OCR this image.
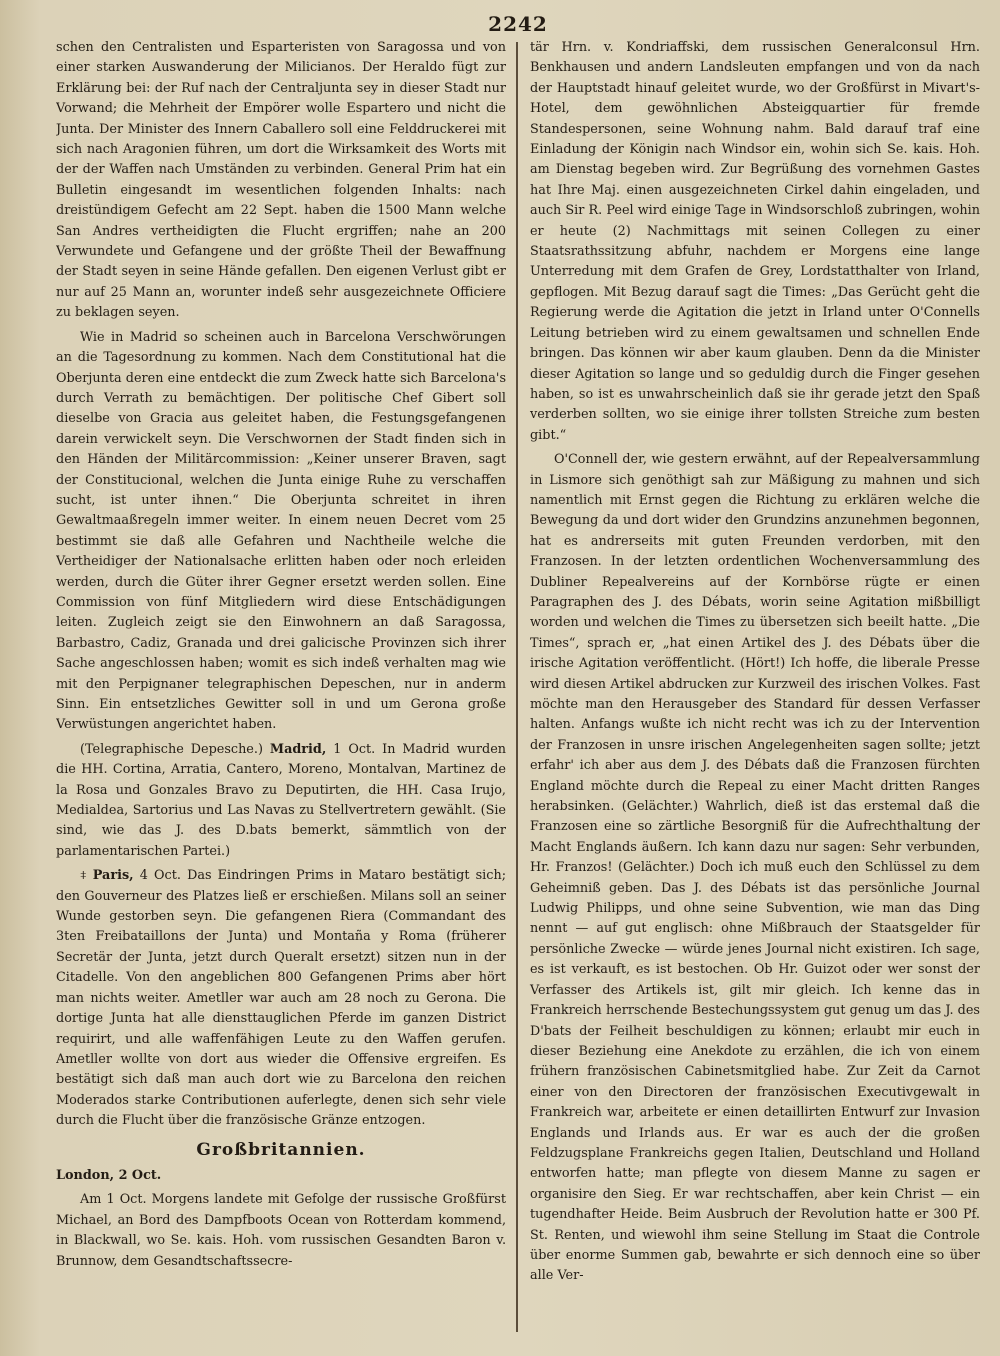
2242

schen den Centralisten und Esparteristen von Saragossa und von einer starken Auswanderung der Milicianos. Der Heraldo fügt zur Erklärung bei: der Ruf nach der Centraljunta sey in dieser Stadt nur Vorwand; die Mehrheit der Empörer wolle Espartero und nicht die Junta. Der Minister des Innern Caballero soll eine Felddruckerei mit sich nach Aragonien führen, um dort die Wirksamkeit des Worts mit der der Waffen nach Umständen zu verbinden. General Prim hat ein Bulletin eingesandt im wesentlichen folgenden Inhalts: nach dreistündigem Gefecht am 22 Sept. haben die 1500 Mann welche San Andres vertheidigten die Flucht ergriffen; nahe an 200 Verwundete und Gefangene und der größte Theil der Bewaffnung der Stadt seyen in seine Hände gefallen. Den eigenen Verlust gibt er nur auf 25 Mann an, worunter indeß sehr ausgezeichnete Officiere zu beklagen seyen.

Wie in Madrid so scheinen auch in Barcelona Verschwörungen an die Tagesordnung zu kommen. Nach dem Constitutional hat die Oberjunta deren eine entdeckt die zum Zweck hatte sich Barcelona's durch Verrath zu bemächtigen. Der politische Chef Gibert soll dieselbe von Gracia aus geleitet haben, die Festungsgefangenen darein verwickelt seyn. Die Verschwornen der Stadt finden sich in den Händen der Militärcommission: „Keiner unserer Braven, sagt der Constitucional, welchen die Junta einige Ruhe zu verschaffen sucht, ist unter ihnen.“ Die Oberjunta schreitet in ihren Gewaltmaaßregeln immer weiter. In einem neuen Decret vom 25 bestimmt sie daß alle Gefahren und Nachtheile welche die Vertheidiger der Nationalsache erlitten haben oder noch erleiden werden, durch die Güter ihrer Gegner ersetzt werden sollen. Eine Commission von fünf Mitgliedern wird diese Entschädigungen leiten. Zugleich zeigt sie den Einwohnern an daß Saragossa, Barbastro, Cadiz, Granada und drei galicische Provinzen sich ihrer Sache angeschlossen haben; womit es sich indeß verhalten mag wie mit den Perpignaner telegraphischen Depeschen, nur in anderm Sinn. Ein entsetzliches Gewitter soll in und um Gerona große Verwüstungen angerichtet haben.

(Telegraphische Depesche.) Madrid, 1 Oct. In Madrid wurden die HH. Cortina, Arratia, Cantero, Moreno, Montalvan, Martinez de la Rosa und Gonzales Bravo zu Deputirten, die HH. Casa Irujo, Medialdea, Sartorius und Las Navas zu Stellvertretern gewählt. (Sie sind, wie das J. des D.bats bemerkt, sämmtlich von der parlamentarischen Partei.)

⧧ Paris, 4 Oct. Das Eindringen Prims in Mataro bestätigt sich; den Gouverneur des Platzes ließ er erschießen. Milans soll an seiner Wunde gestorben seyn. Die gefangenen Riera (Commandant des 3ten Freibataillons der Junta) und Montaña y Roma (früherer Secretär der Junta, jetzt durch Queralt ersetzt) sitzen nun in der Citadelle. Von den angeblichen 800 Gefangenen Prims aber hört man nichts weiter. Ametller war auch am 28 noch zu Gerona. Die dortige Junta hat alle diensttauglichen Pferde im ganzen District requirirt, und alle waffenfähigen Leute zu den Waffen gerufen. Ametller wollte von dort aus wieder die Offensive ergreifen. Es bestätigt sich daß man auch dort wie zu Barcelona den reichen Moderados starke Contributionen auferlegte, denen sich sehr viele durch die Flucht über die französische Gränze entzogen.

Großbritannien.

London, 2 Oct.

Am 1 Oct. Morgens landete mit Gefolge der russische Großfürst Michael, an Bord des Dampfboots Ocean von Rotterdam kommend, in Blackwall, wo Se. kais. Hoh. vom russischen Gesandten Baron v. Brunnow, dem Gesandtschaftssecre-

tär Hrn. v. Kondriaffski, dem russischen Generalconsul Hrn. Benkhausen und andern Landsleuten empfangen und von da nach der Hauptstadt hinauf geleitet wurde, wo der Großfürst in Mivart's-Hotel, dem gewöhnlichen Absteigquartier für fremde Standespersonen, seine Wohnung nahm. Bald darauf traf eine Einladung der Königin nach Windsor ein, wohin sich Se. kais. Hoh. am Dienstag begeben wird. Zur Begrüßung des vornehmen Gastes hat Ihre Maj. einen ausgezeichneten Cirkel dahin eingeladen, und auch Sir R. Peel wird einige Tage in Windsorschloß zubringen, wohin er heute (2) Nachmittags mit seinen Collegen zu einer Staatsrathssitzung abfuhr, nachdem er Morgens eine lange Unterredung mit dem Grafen de Grey, Lordstatthalter von Irland, gepflogen. Mit Bezug darauf sagt die Times: „Das Gerücht geht die Regierung werde die Agitation die jetzt in Irland unter O'Connells Leitung betrieben wird zu einem gewaltsamen und schnellen Ende bringen. Das können wir aber kaum glauben. Denn da die Minister dieser Agitation so lange und so geduldig durch die Finger gesehen haben, so ist es unwahrscheinlich daß sie ihr gerade jetzt den Spaß verderben sollten, wo sie einige ihrer tollsten Streiche zum besten gibt.“

O'Connell der, wie gestern erwähnt, auf der Repealversammlung in Lismore sich genöthigt sah zur Mäßigung zu mahnen und sich namentlich mit Ernst gegen die Richtung zu erklären welche die Bewegung da und dort wider den Grundzins anzunehmen begonnen, hat es andrerseits mit guten Freunden verdorben, mit den Franzosen. In der letzten ordentlichen Wochenversammlung des Dubliner Repealvereins auf der Kornbörse rügte er einen Paragraphen des J. des Débats, worin seine Agitation mißbilligt worden und welchen die Times zu übersetzen sich beeilt hatte. „Die Times“, sprach er, „hat einen Artikel des J. des Débats über die irische Agitation veröffentlicht. (Hört!) Ich hoffe, die liberale Presse wird diesen Artikel abdrucken zur Kurzweil des irischen Volkes. Fast möchte man den Herausgeber des Standard für dessen Verfasser halten. Anfangs wußte ich nicht recht was ich zu der Intervention der Franzosen in unsre irischen Angelegenheiten sagen sollte; jetzt erfahr' ich aber aus dem J. des Débats daß die Franzosen fürchten England möchte durch die Repeal zu einer Macht dritten Ranges herabsinken. (Gelächter.) Wahrlich, dieß ist das erstemal daß die Franzosen eine so zärtliche Besorgniß für die Aufrechthaltung der Macht Englands äußern. Ich kann dazu nur sagen: Sehr verbunden, Hr. Franzos! (Gelächter.) Doch ich muß euch den Schlüssel zu dem Geheimniß geben. Das J. des Débats ist das persönliche Journal Ludwig Philipps, und ohne seine Subvention, wie man das Ding nennt — auf gut englisch: ohne Mißbrauch der Staatsgelder für persönliche Zwecke — würde jenes Journal nicht existiren. Ich sage, es ist verkauft, es ist bestochen. Ob Hr. Guizot oder wer sonst der Verfasser des Artikels ist, gilt mir gleich. Ich kenne das in Frankreich herrschende Bestechungssystem gut genug um das J. des D'bats der Feilheit beschuldigen zu können; erlaubt mir euch in dieser Beziehung eine Anekdote zu erzählen, die ich von einem frühern französischen Cabinetsmitglied habe. Zur Zeit da Carnot einer von den Directoren der französischen Executivgewalt in Frankreich war, arbeitete er einen detaillirten Entwurf zur Invasion Englands und Irlands aus. Er war es auch der die großen Feldzugsplane Frankreichs gegen Italien, Deutschland und Holland entworfen hatte; man pflegte von diesem Manne zu sagen er organisire den Sieg. Er war rechtschaffen, aber kein Christ — ein tugendhafter Heide. Beim Ausbruch der Revolution hatte er 300 Pf. St. Renten, und wiewohl ihm seine Stellung im Staat die Controle über enorme Summen gab, bewahrte er sich dennoch eine so über alle Ver-
